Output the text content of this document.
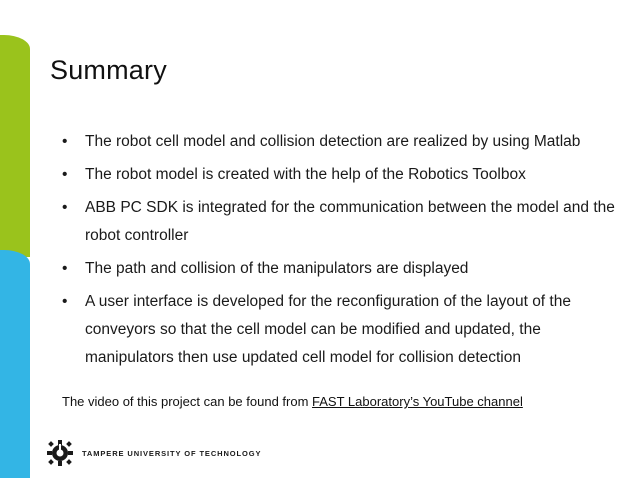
Summary
• The robot cell model and collision detection are realized by using Matlab
• The robot model is created with the help of the Robotics Toolbox
• ABB PC SDK is integrated for the communication between the model and the robot controller
• The path and collision of the manipulators are displayed
• A user interface is developed for the reconfiguration of the layout of the conveyors so that the cell model can be modified and updated, the manipulators then use updated cell model for collision detection
The video of this project can be found from FAST Laboratory’s YouTube channel
TAMPERE UNIVERSITY OF TECHNOLOGY
